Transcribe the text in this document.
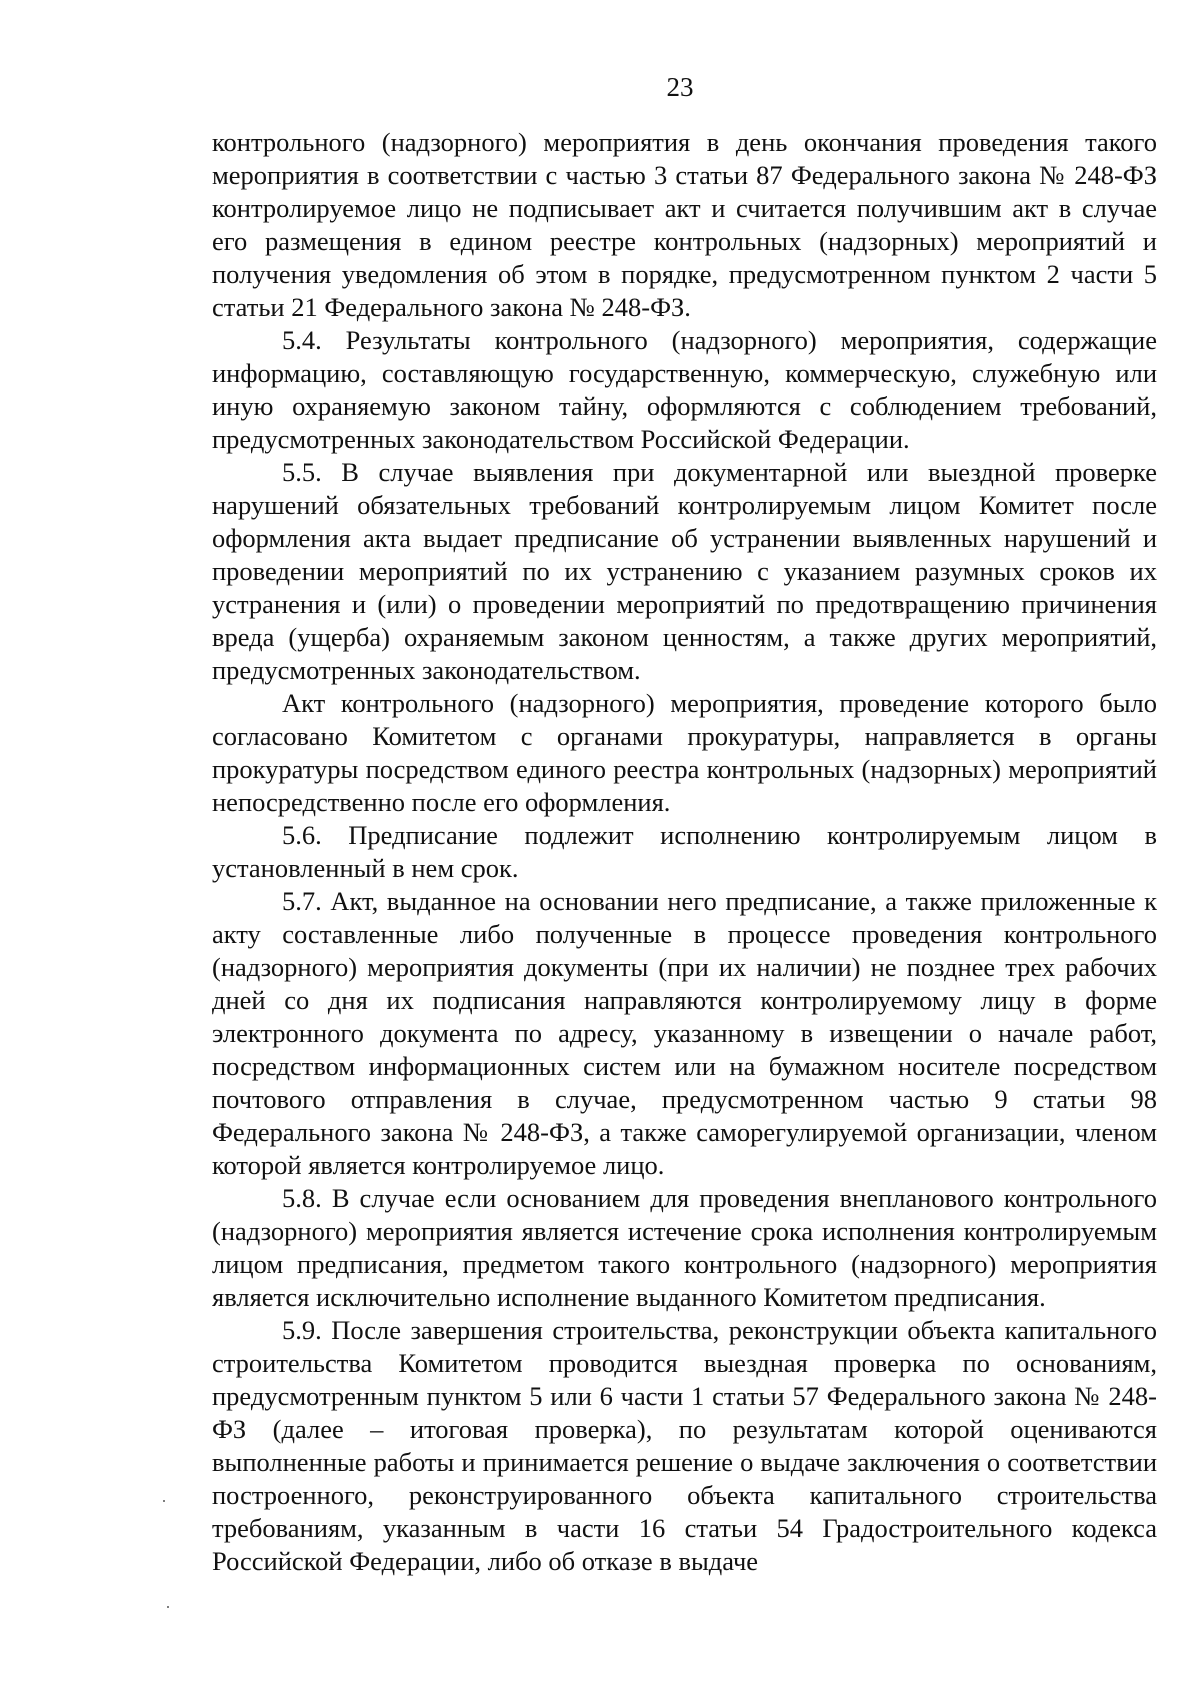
23

контрольного (надзорного) мероприятия в день окончания проведения такого мероприятия в соответствии с частью 3 статьи 87 Федерального закона № 248-ФЗ контролируемое лицо не подписывает акт и считается получившим акт в случае его размещения в едином реестре контрольных (надзорных) мероприятий и получения уведомления об этом в порядке, предусмотренном пунктом 2 части 5 статьи 21 Федерального закона № 248-ФЗ.

5.4. Результаты контрольного (надзорного) мероприятия, содержащие информацию, составляющую государственную, коммерческую, служебную или иную охраняемую законом тайну, оформляются с соблюдением требований, предусмотренных законодательством Российской Федерации.

5.5. В случае выявления при документарной или выездной проверке нарушений обязательных требований контролируемым лицом Комитет после оформления акта выдает предписание об устранении выявленных нарушений и проведении мероприятий по их устранению с указанием разумных сроков их устранения и (или) о проведении мероприятий по предотвращению причинения вреда (ущерба) охраняемым законом ценностям, а также других мероприятий, предусмотренных законодательством.

Акт контрольного (надзорного) мероприятия, проведение которого было согласовано Комитетом с органами прокуратуры, направляется в органы прокуратуры посредством единого реестра контрольных (надзорных) мероприятий непосредственно после его оформления.

5.6. Предписание подлежит исполнению контролируемым лицом в установленный в нем срок.

5.7. Акт, выданное на основании него предписание, а также приложенные к акту составленные либо полученные в процессе проведения контрольного (надзорного) мероприятия документы (при их наличии) не позднее трех рабочих дней со дня их подписания направляются контролируемому лицу в форме электронного документа по адресу, указанному в извещении о начале работ, посредством информационных систем или на бумажном носителе посредством почтового отправления в случае, предусмотренном частью 9 статьи 98 Федерального закона № 248-ФЗ, а также саморегулируемой организации, членом которой является контролируемое лицо.

5.8. В случае если основанием для проведения внепланового контрольного (надзорного) мероприятия является истечение срока исполнения контролируемым лицом предписания, предметом такого контрольного (надзорного) мероприятия является исключительно исполнение выданного Комитетом предписания.

5.9. После завершения строительства, реконструкции объекта капитального строительства Комитетом проводится выездная проверка по основаниям, предусмотренным пунктом 5 или 6 части 1 статьи 57 Федерального закона № 248-ФЗ (далее – итоговая проверка), по результатам которой оцениваются выполненные работы и принимается решение о выдаче заключения о соответствии построенного, реконструированного объекта капитального строительства требованиям, указанным в части 16 статьи 54 Градостроительного кодекса Российской Федерации, либо об отказе в выдаче
